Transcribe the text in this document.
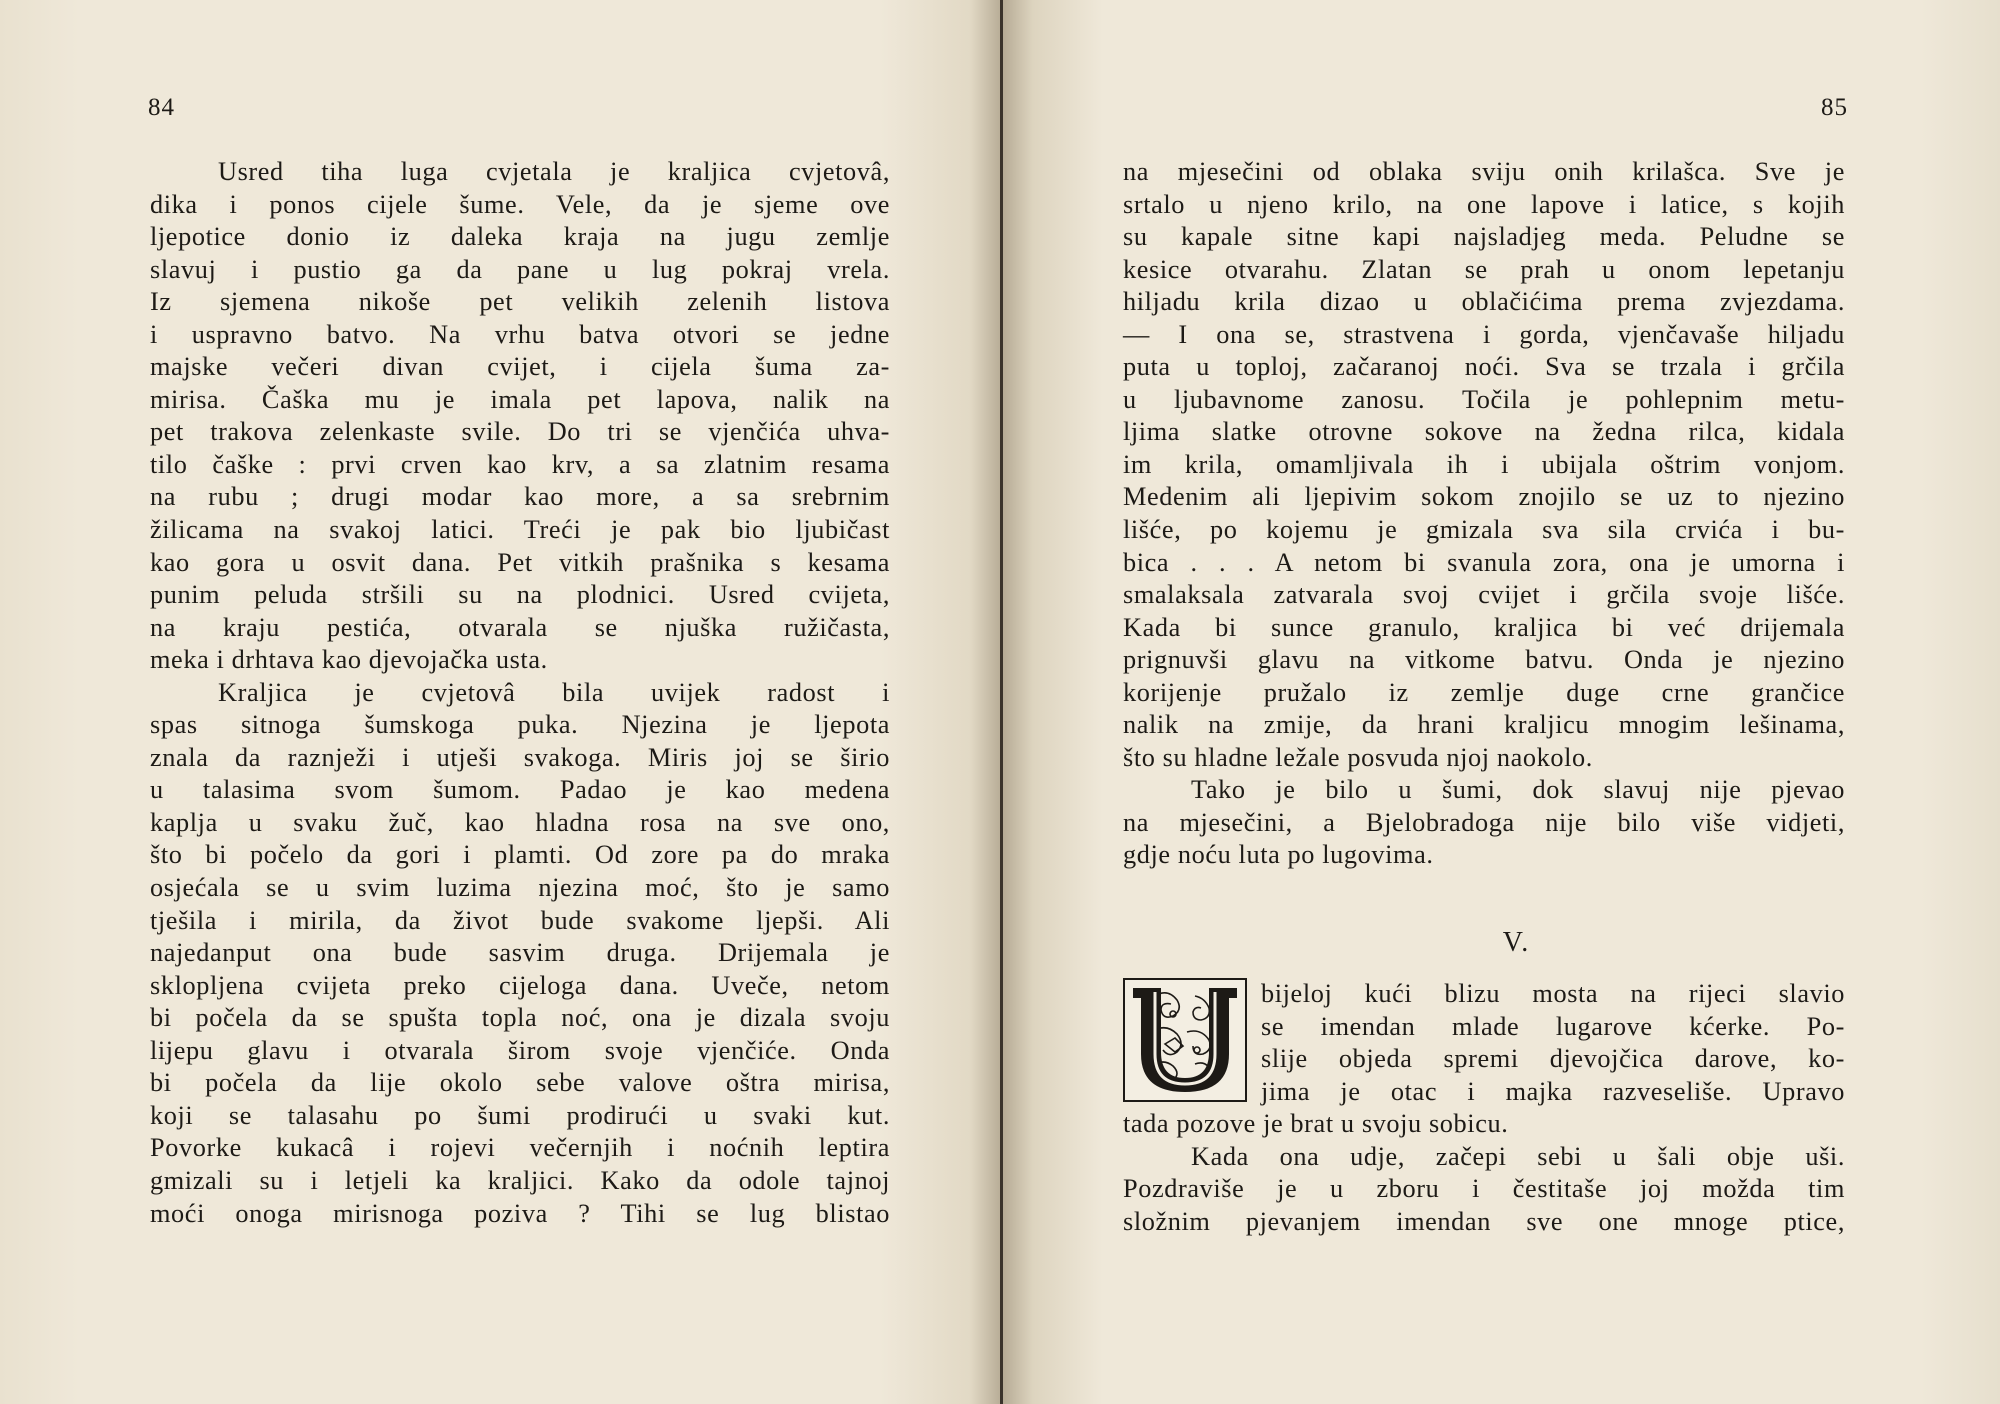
84
Usred tiha luga cvjetala je kraljica cvjetovâ,
dika i ponos cijele šume. Vele, da je sjeme ove
ljepotice donio iz daleka kraja na jugu zemlje
slavuj i pustio ga da pane u lug pokraj vrela.
Iz sjemena nikoše pet velikih zelenih listova
i uspravno batvo. Na vrhu batva otvori se jedne
majske večeri divan cvijet, i cijela šuma za-
mirisa. Čaška mu je imala pet lapova, nalik na
pet trakova zelenkaste svile. Do tri se vjenčića uhva-
tilo čaške : prvi crven kao krv, a sa zlatnim resama
na rubu ; drugi modar kao more, a sa srebrnim
žilicama na svakoj latici. Treći je pak bio ljubičast
kao gora u osvit dana. Pet vitkih prašnika s kesama
punim peluda stršili su na plodnici. Usred cvijeta,
na kraju pestića, otvarala se njuška ružičasta,
meka i drhtava kao djevojačka usta.
Kraljica je cvjetovâ bila uvijek radost i
spas sitnoga šumskoga puka. Njezina je ljepota
znala da raznježi i utješi svakoga. Miris joj se širio
u talasima svom šumom. Padao je kao medena
kaplja u svaku žuč, kao hladna rosa na sve ono,
što bi počelo da gori i plamti. Od zore pa do mraka
osjećala se u svim luzima njezina moć, što je samo
tješila i mirila, da život bude svakome ljepši. Ali
najedanput ona bude sasvim druga. Drijemala je
sklopljena cvijeta preko cijeloga dana. Uveče, netom
bi počela da se spušta topla noć, ona je dizala svoju
lijepu glavu i otvarala širom svoje vjenčiće. Onda
bi počela da lije okolo sebe valove oštra mirisa,
koji se talasahu po šumi prodirući u svaki kut.
Povorke kukacâ i rojevi večernjih i noćnih leptira
gmizali su i letjeli ka kraljici. Kako da odole tajnoj
moći onoga mirisnoga poziva ? Tihi se lug blistao
85
na mjesečini od oblaka sviju onih krilašca. Sve je
srtalo u njeno krilo, na one lapove i latice, s kojih
su kapale sitne kapi najsladjeg meda. Peludne se
kesice otvarahu. Zlatan se prah u onom lepetanju
hiljadu krila dizao u oblačićima prema zvjezdama.
— I ona se, strastvena i gorda, vjenčavaše hiljadu
puta u toploj, začaranoj noći. Sva se trzala i grčila
u ljubavnome zanosu. Točila je pohlepnim metu-
ljima slatke otrovne sokove na žedna rilca, kidala
im krila, omamljivala ih i ubijala oštrim vonjom.
Medenim ali ljepivim sokom znojilo se uz to njezino
lišće, po kojemu je gmizala sva sila crvića i bu-
bica . . . A netom bi svanula zora, ona je umorna i
smalaksala zatvarala svoj cvijet i grčila svoje lišće.
Kada bi sunce granulo, kraljica bi već drijemala
prignuvši glavu na vitkome batvu. Onda je njezino
korijenje pružalo iz zemlje duge crne grančice
nalik na zmije, da hrani kraljicu mnogim lešinama,
što su hladne ležale posvuda njoj naokolo.
Tako je bilo u šumi, dok slavuj nije pjevao
na mjesečini, a Bjelobradoga nije bilo više vidjeti,
gdje noću luta po lugovima.
V.
bijeloj kući blizu mosta na rijeci slavio
se imendan mlade lugarove kćerke. Po-
slije objeda spremi djevojčica darove, ko-
jima je otac i majka razveseliše. Upravo
tada pozove je brat u svoju sobicu.
Kada ona udje, začepi sebi u šali obje uši.
Pozdraviše je u zboru i čestitaše joj možda tim
složnim pjevanjem imendan sve one mnoge ptice,
